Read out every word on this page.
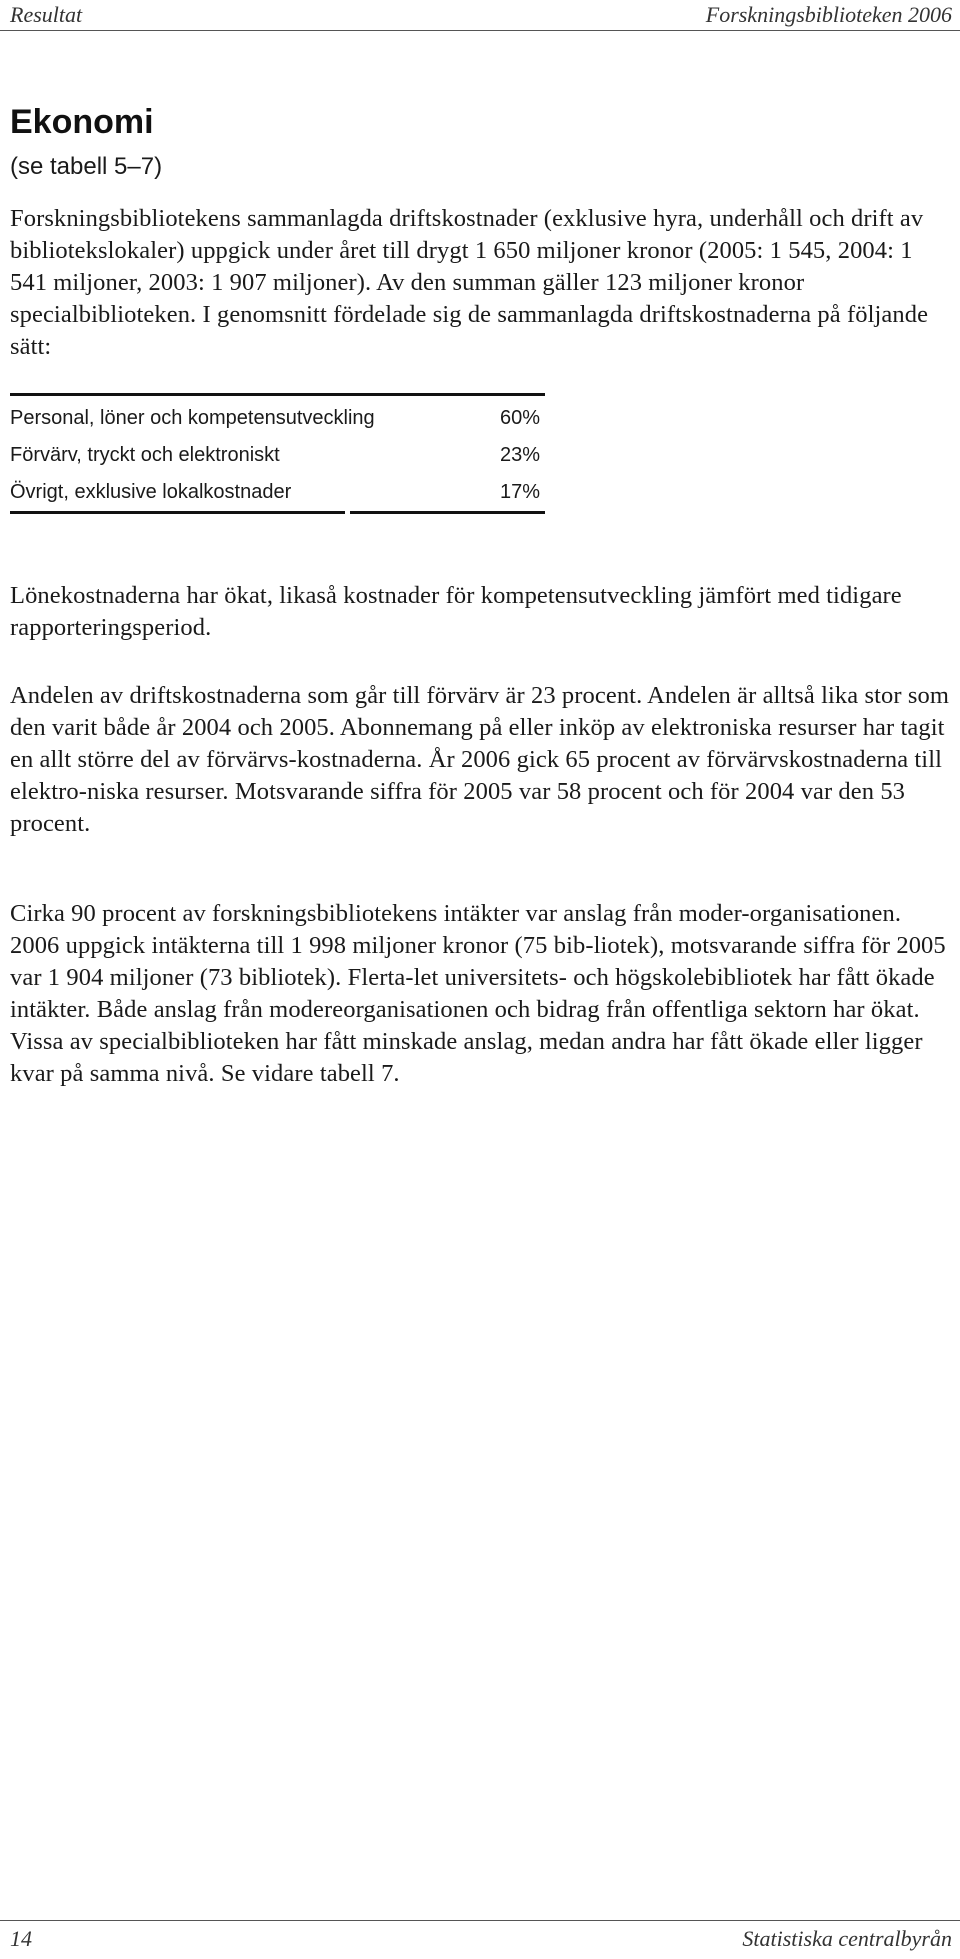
Resultat	Forskningsbiblioteken 2006
Ekonomi

(se tabell 5–7)

Forskningsbibliotekens sammanlagda driftskostnader (exklusive hyra, underhåll och drift av bibliotekslokaler) uppgick under året till drygt 1 650 miljoner kronor (2005: 1 545, 2004: 1 541 miljoner, 2003: 1 907 miljoner). Av den summan gäller 123 miljoner kronor specialbiblioteken. I genomsnitt fördelade sig de sammanlagda driftskostnaderna på följande sätt:

Personal, löner och kompetensutveckling	60%
Förvärv, tryckt och elektroniskt	23%
Övrigt, exklusive lokalkostnader	17%

Lönekostnaderna har ökat, likaså kostnader för kompetensutveckling jämfört med tidigare rapporteringsperiod.

Andelen av driftskostnaderna som går till förvärv är 23 procent. Andelen är alltså lika stor som den varit både år 2004 och 2005. Abonnemang på eller inköp av elektroniska resurser har tagit en allt större del av förvärvs-kostnaderna. År 2006 gick 65 procent av förvärvskostnaderna till elektro-niska resurser. Motsvarande siffra för 2005 var 58 procent och för 2004 var den 53 procent.

Cirka 90 procent av forskningsbibliotekens intäkter var anslag från moder-organisationen. 2006 uppgick intäkterna till 1 998 miljoner kronor (75 bib-liotek), motsvarande siffra för 2005 var 1 904 miljoner (73 bibliotek). Flerta-let universitets- och högskolebibliotek har fått ökade intäkter. Både anslag från modereorganisationen och bidrag från offentliga sektorn har ökat. Vissa av specialbiblioteken har fått minskade anslag, medan andra har fått ökade eller ligger kvar på samma nivå. Se vidare tabell 7.

14	Statistiska centralbyrån
